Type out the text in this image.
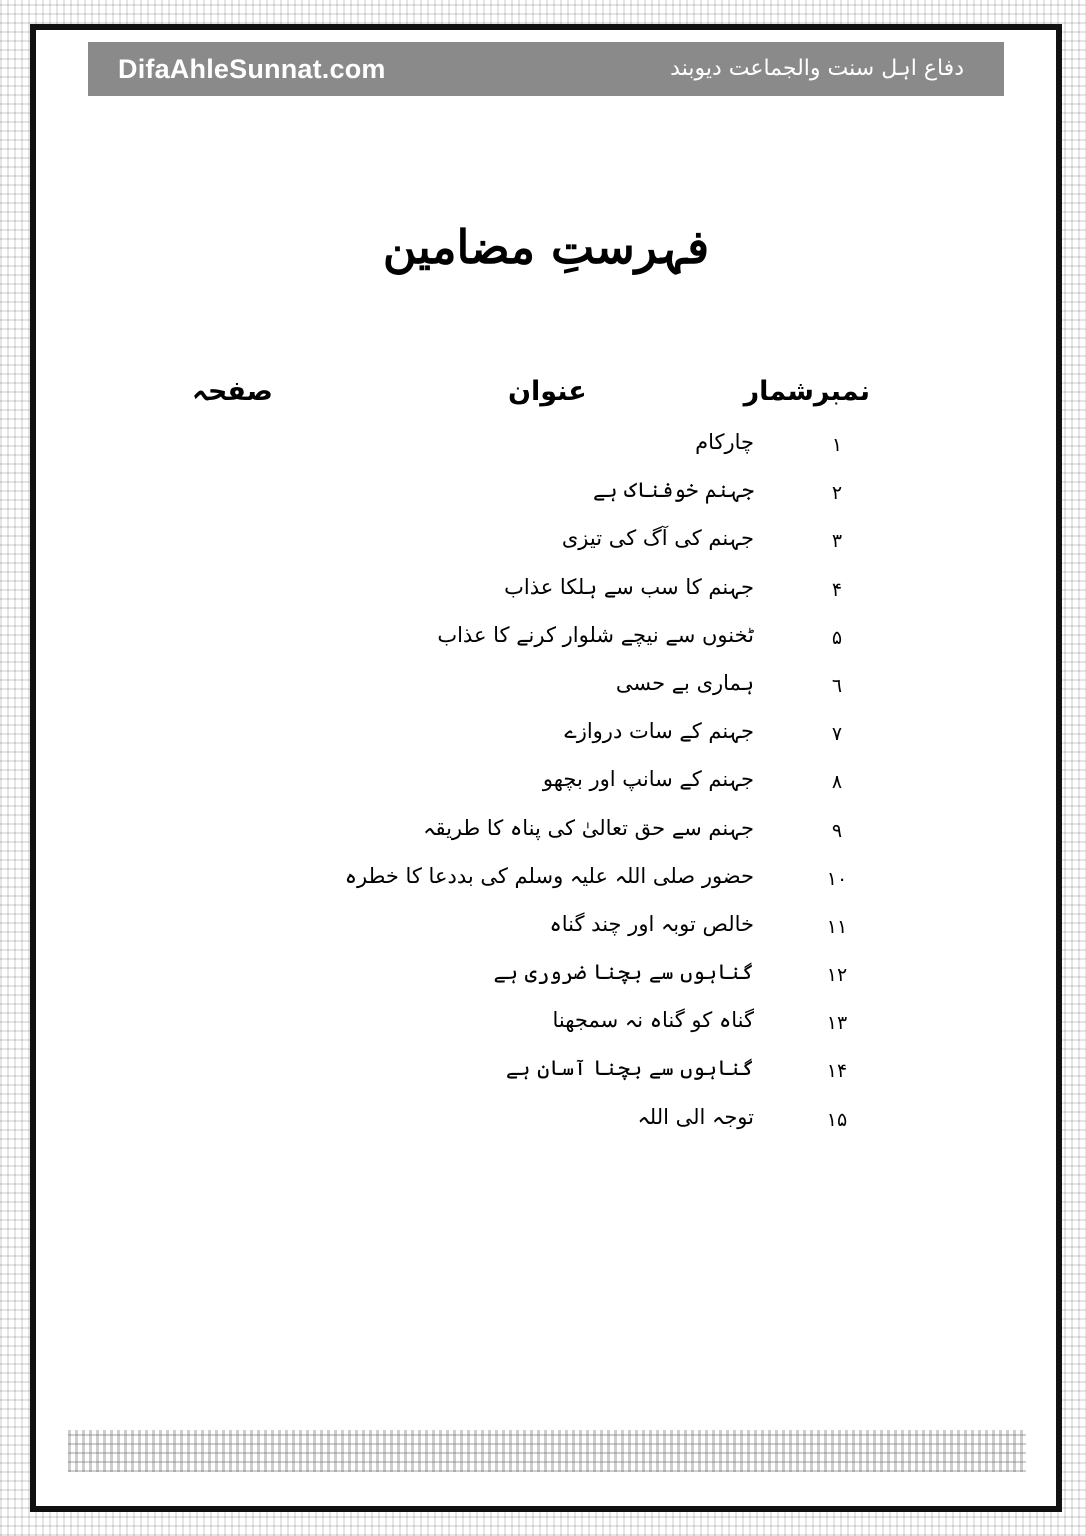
DifaAhleSunnat.com	دفاع اہل سنت والجماعت دیوبند
فہرستِ مضامین
نمبرشمار
عنوان
صفحہ
١
چارکام
٢
جہنم خوفناک ہے
٣
جہنم کی آگ کی تیزی
۴
جہنم کا سب سے ہلکا عذاب
۵
ٹخنوں سے نیچے شلوار کرنے کا عذاب
٦
ہماری بے حسی
٧
جہنم کے سات دروازے
٨
جہنم کے سانپ اور بچھو
٩
جہنم سے حق تعالیٰ کی پناہ کا طریقہ
١٠
حضور صلی اللہ علیہ وسلم کی بددعا کا خطرہ
١١
خالص توبہ اور چند گناہ
١٢
گناہوں سے بچنا ضروری ہے
١٣
گناہ کو گناہ نہ سمجھنا
١۴
گناہوں سے بچنا آسان ہے
١۵
توجہ الی اللہ
